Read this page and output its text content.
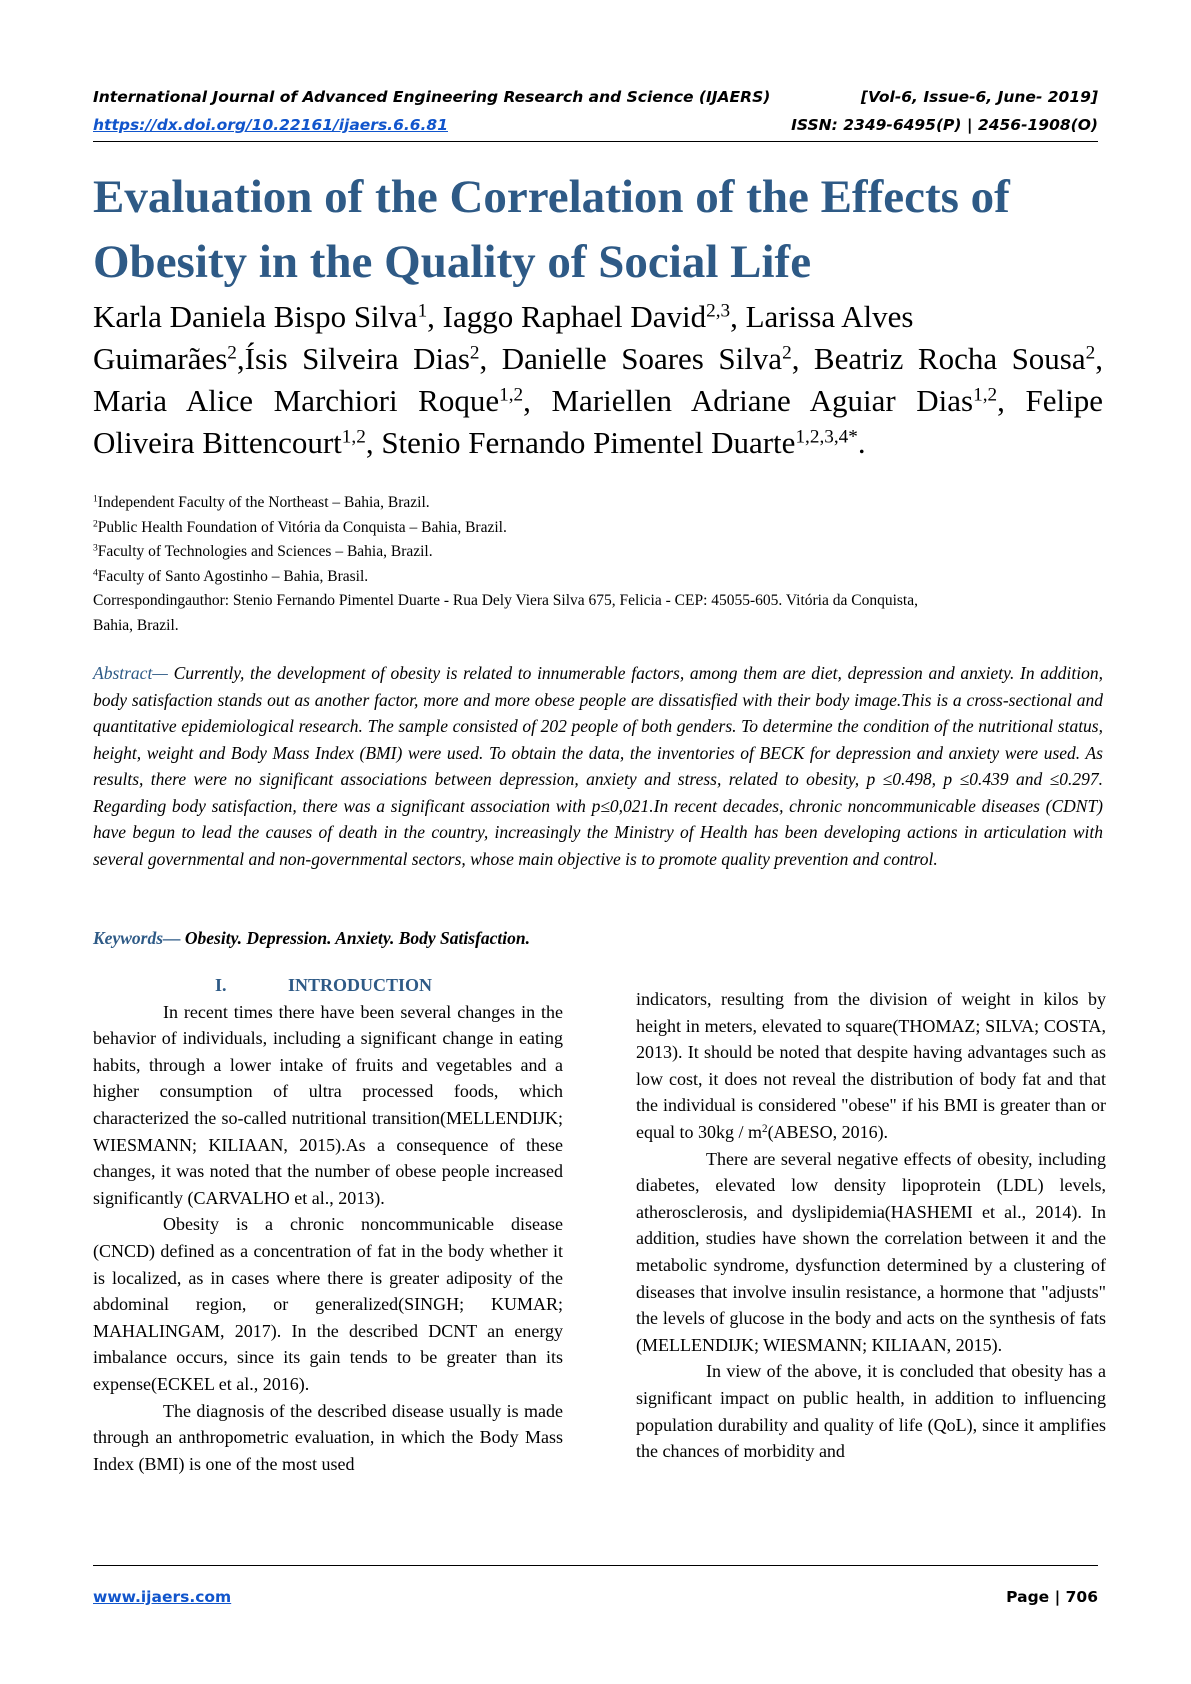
International Journal of Advanced Engineering Research and Science (IJAERS)	[Vol-6, Issue-6, June- 2019]
https://dx.doi.org/10.22161/ijaers.6.6.81	ISSN: 2349-6495(P) | 2456-1908(O)
Evaluation of the Correlation of the Effects of
Obesity in the Quality of Social Life
Karla Daniela Bispo Silva$^1$, Iaggo Raphael David$^{2,3}$, Larissa Alves
Guimarães$^2$,Ísis Silveira Dias$^2$, Danielle Soares Silva$^2$, Beatriz Rocha Sousa$^2$,
Maria Alice Marchiori Roque$^{1,2}$, Mariellen Adriane Aguiar Dias$^{1,2}$, Felipe
Oliveira Bittencourt$^{1,2}$, Stenio Fernando Pimentel Duarte$^{1,2,3,4*}$.
$^1$Independent Faculty of the Northeast – Bahia, Brazil.
$^2$Public Health Foundation of Vitória da Conquista – Bahia, Brazil.
$^3$Faculty of Technologies and Sciences – Bahia, Brazil.
$^4$Faculty of Santo Agostinho – Bahia, Brasil.
Correspondingauthor: Stenio Fernando Pimentel Duarte - Rua Dely Viera Silva 675, Felicia - CEP: 45055-605. Vitória da Conquista,
Bahia, Brazil.
Abstract— Currently, the development of obesity is related to innumerable factors, among them are diet, depression and anxiety. In addition, body satisfaction stands out as another factor, more and more obese people are dissatisfied with their body image.This is a cross-sectional and quantitative epidemiological research. The sample consisted of 202 people of both genders. To determine the condition of the nutritional status, height, weight and Body Mass Index (BMI) were used. To obtain the data, the inventories of BECK for depression and anxiety were used. As results, there were no significant associations between depression, anxiety and stress, related to obesity, p ≤0.498, p ≤0.439 and ≤0.297. Regarding body satisfaction, there was a significant association with p≤0,021.In recent decades, chronic noncommunicable diseases (CDNT) have begun to lead the causes of death in the country, increasingly the Ministry of Health has been developing actions in articulation with several governmental and non-governmental sectors, whose main objective is to promote quality prevention and control.
Keywords— Obesity. Depression. Anxiety. Body Satisfaction.
I.	INTRODUCTION

In recent times there have been several changes in the behavior of individuals, including a significant change in eating habits, through a lower intake of fruits and vegetables and a higher consumption of ultra processed foods, which characterized the so-called nutritional transition(MELLENDIJK; WIESMANN; KILIAAN, 2015).As a consequence of these changes, it was noted that the number of obese people increased significantly (CARVALHO et al., 2013).

Obesity is a chronic noncommunicable disease (CNCD) defined as a concentration of fat in the body whether it is localized, as in cases where there is greater adiposity of the abdominal region, or generalized(SINGH; KUMAR; MAHALINGAM, 2017). In the described DCNT an energy imbalance occurs, since its gain tends to be greater than its expense(ECKEL et al., 2016).

The diagnosis of the described disease usually is made through an anthropometric evaluation, in which the Body Mass Index (BMI) is one of the most used

indicators, resulting from the division of weight in kilos by height in meters, elevated to square(THOMAZ; SILVA; COSTA, 2013). It should be noted that despite having advantages such as low cost, it does not reveal the distribution of body fat and that the individual is considered "obese" if his BMI is greater than or equal to $30kg / m^2(ABESO$, 2016).

There are several negative effects of obesity, including diabetes, elevated low density lipoprotein (LDL) levels, atherosclerosis, and dyslipidemia(HASHEMI et al., 2014). In addition, studies have shown the correlation between it and the metabolic syndrome, dysfunction determined by a clustering of diseases that involve insulin resistance, a hormone that "adjusts" the levels of glucose in the body and acts on the synthesis of fats (MELLENDIJK; WIESMANN; KILIAAN, 2015).

In view of the above, it is concluded that obesity has a significant impact on public health, in addition to influencing population durability and quality of life (QoL), since it amplifies the chances of morbidity and

www.ijaers.com	Page | 706
